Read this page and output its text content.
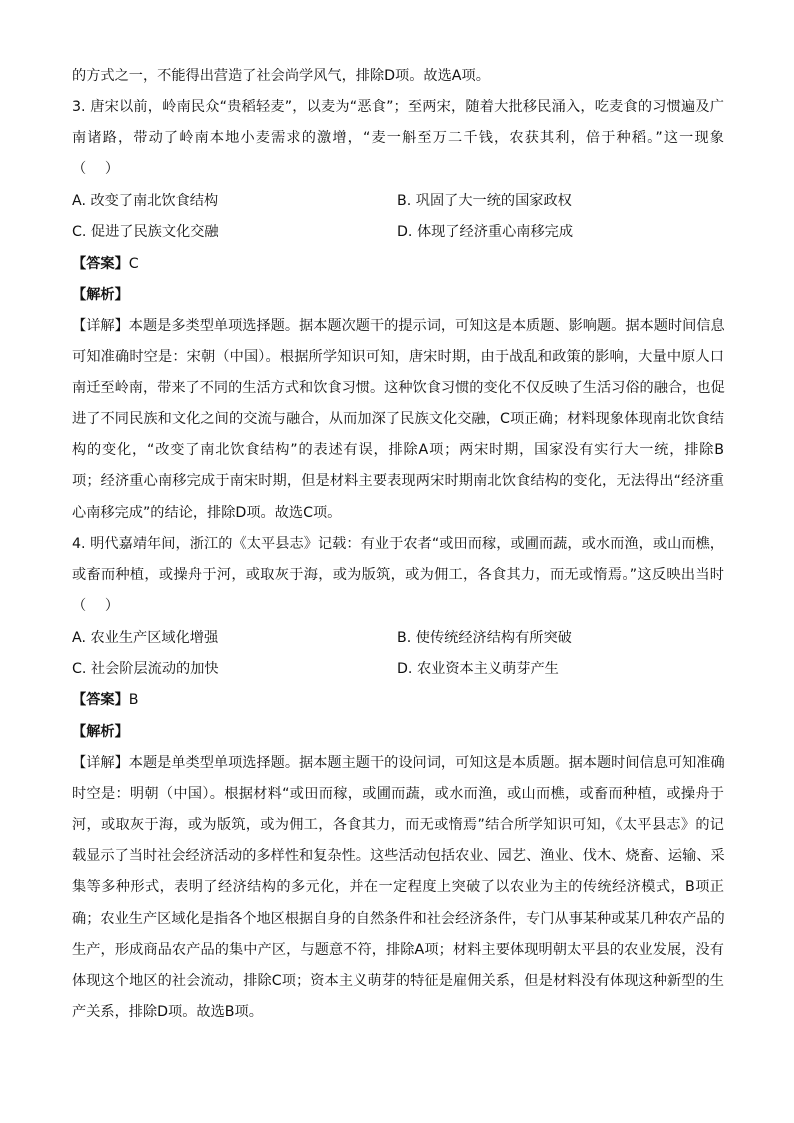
的方式之一，不能得出营造了社会尚学风气，排除D项。故选A项。
3. 唐宋以前，岭南民众“贵稻轻麦”，以麦为“恶食”；至两宋，随着大批移民涌入，吃麦食的习惯遍及广
南诸路，带动了岭南本地小麦需求的激增，“麦一斛至万二千钱，农获其利，倍于种稻。”这一现象
（　 ）
A. 改变了南北饮食结构	B. 巩固了大一统的国家政权
C. 促进了民族文化交融	D. 体现了经济重心南移完成
【答案】C
【解析】
【详解】本题是多类型单项选择题。据本题次题干的提示词，可知这是本质题、影响题。据本题时间信息
可知准确时空是：宋朝（中国）。根据所学知识可知，唐宋时期，由于战乱和政策的影响，大量中原人口
南迁至岭南，带来了不同的生活方式和饮食习惯。这种饮食习惯的变化不仅反映了生活习俗的融合，也促
进了不同民族和文化之间的交流与融合，从而加深了民族文化交融，C项正确；材料现象体现南北饮食结
构的变化，“改变了南北饮食结构”的表述有误，排除A项；两宋时期，国家没有实行大一统，排除B
项；经济重心南移完成于南宋时期，但是材料主要表现两宋时期南北饮食结构的变化，无法得出“经济重
心南移完成”的结论，排除D项。故选C项。
4. 明代嘉靖年间，浙江的《太平县志》记载：有业于农者“或田而稼，或圃而蔬，或水而渔，或山而樵，
或畜而种植，或操舟于河，或取灰于海，或为版筑，或为佣工，各食其力，而无或惰焉。”这反映出当时
（　 ）
A. 农业生产区域化增强	B. 使传统经济结构有所突破
C. 社会阶层流动的加快	D. 农业资本主义萌芽产生
【答案】B
【解析】
【详解】本题是单类型单项选择题。据本题主题干的设问词，可知这是本质题。据本题时间信息可知准确
时空是：明朝（中国）。根据材料“或田而稼，或圃而蔬，或水而渔，或山而樵，或畜而种植，或操舟于
河，或取灰于海，或为版筑，或为佣工，各食其力，而无或惰焉”结合所学知识可知，《太平县志》的记
载显示了当时社会经济活动的多样性和复杂性。这些活动包括农业、园艺、渔业、伐木、烧畜、运输、采
集等多种形式，表明了经济结构的多元化，并在一定程度上突破了以农业为主的传统经济模式，B项正
确；农业生产区域化是指各个地区根据自身的自然条件和社会经济条件，专门从事某种或某几种农产品的
生产，形成商品农产品的集中产区，与题意不符，排除A项；材料主要体现明朝太平县的农业发展，没有
体现这个地区的社会流动，排除C项；资本主义萌芽的特征是雇佣关系，但是材料没有体现这种新型的生
产关系，排除D项。故选B项。
